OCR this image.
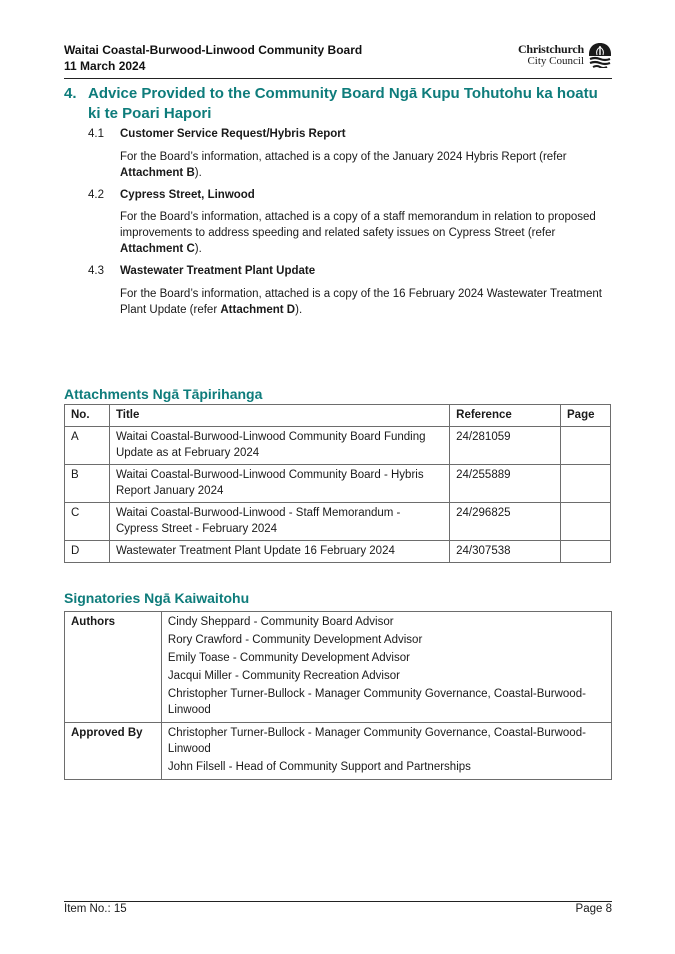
Waitai Coastal-Burwood-Linwood Community Board
11 March 2024
Christchurch
City Council
4. Advice Provided to the Community Board Ngā Kupu Tohutohu ka hoatu ki te Poari Hapori
4.1 Customer Service Request/Hybris Report
For the Board’s information, attached is a copy of the January 2024 Hybris Report (refer Attachment B).
4.2 Cypress Street, Linwood
For the Board’s information, attached is a copy of a staff memorandum in relation to proposed improvements to address speeding and related safety issues on Cypress Street (refer Attachment C).
4.3 Wastewater Treatment Plant Update
For the Board’s information, attached is a copy of the 16 February 2024 Wastewater Treatment Plant Update (refer Attachment D).
Attachments Ngā Tāpirihanga
No.	Title	Reference	Page
A	Waitai Coastal-Burwood-Linwood Community Board Funding Update as at February 2024	24/281059	
B	Waitai Coastal-Burwood-Linwood Community Board - Hybris Report January 2024	24/255889	
C	Waitai Coastal-Burwood-Linwood - Staff Memorandum - Cypress Street - February 2024	24/296825	
D	Wastewater Treatment Plant Update 16 February 2024	24/307538	
Signatories Ngā Kaiwaitohu
Authors	Cindy Sheppard - Community Board Advisor
Rory Crawford - Community Development Advisor
Emily Toase - Community Development Advisor
Jacqui Miller - Community Recreation Advisor
Christopher Turner-Bullock - Manager Community Governance, Coastal-Burwood-Linwood

Approved By	Christopher Turner-Bullock - Manager Community Governance, Coastal-Burwood-Linwood
John Filsell - Head of Community Support and Partnerships
Item No.: 15	Page 8
